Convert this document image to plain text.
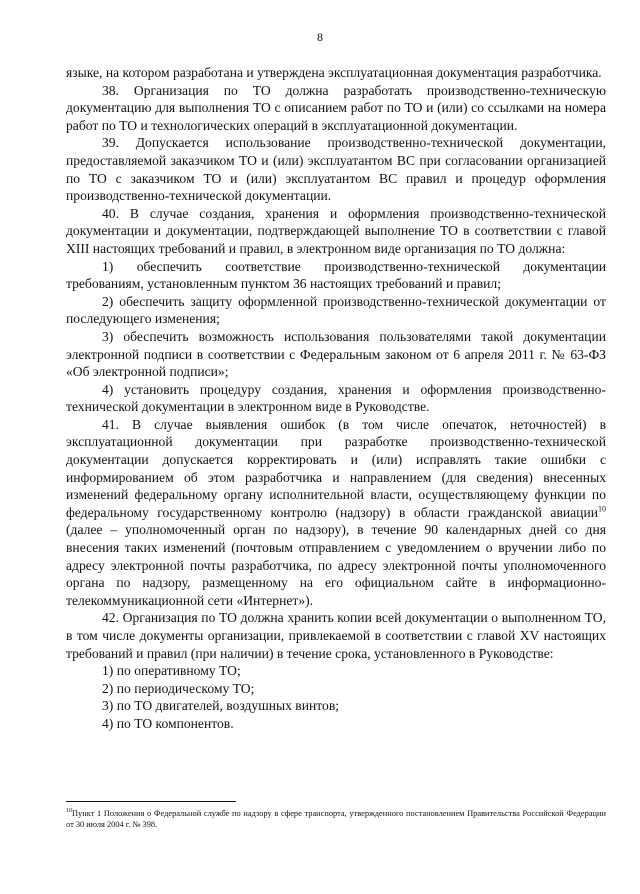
8

языке, на котором разработана и утверждена эксплуатационная документация разработчика.

38. Организация по ТО должна разработать производственно-техническую документацию для выполнения ТО с описанием работ по ТО и (или) со ссылками на номера работ по ТО и технологических операций в эксплуатационной документации.

39. Допускается использование производственно-технической документации, предоставляемой заказчиком ТО и (или) эксплуатантом ВС при согласовании организацией по ТО с заказчиком ТО и (или) эксплуатантом ВС правил и процедур оформления производственно-технической документации.

40. В случае создания, хранения и оформления производственно-технической документации и документации, подтверждающей выполнение ТО в соответствии с главой XIII настоящих требований и правил, в электронном виде организация по ТО должна:

1) обеспечить соответствие производственно-технической документации требованиям, установленным пунктом 36 настоящих требований и правил;

2) обеспечить защиту оформленной производственно-технической документации от последующего изменения;

3) обеспечить возможность использования пользователями такой документации электронной подписи в соответствии с Федеральным законом от 6 апреля 2011 г. № 63-ФЗ «Об электронной подписи»;

4) установить процедуру создания, хранения и оформления производственно-технической документации в электронном виде в Руководстве.

41. В случае выявления ошибок (в том числе опечаток, неточностей) в эксплуатационной документации при разработке производственно-технической документации допускается корректировать и (или) исправлять такие ошибки с информированием об этом разработчика и направлением (для сведения) внесенных изменений федеральному органу исполнительной власти, осуществляющему функции по федеральному государственному контролю (надзору) в области гражданской авиации$^{10}$ (далее – уполномоченный орган по надзору), в течение 90 календарных дней со дня внесения таких изменений (почтовым отправлением с уведомлением о вручении либо по адресу электронной почты разработчика, по адресу электронной почты уполномоченного органа по надзору, размещенному на его официальном сайте в информационно-телекоммуникационной сети «Интернет»).

42. Организация по ТО должна хранить копии всей документации о выполненном ТО, в том числе документы организации, привлекаемой в соответствии с главой XV настоящих требований и правил (при наличии) в течение срока, установленного в Руководстве:

1) по оперативному ТО;

2) по периодическому ТО;

3) по ТО двигателей, воздушных винтов;

4) по ТО компонентов.

$^{10}$Пункт 1 Положения о Федеральной службе по надзору в сфере транспорта, утвержденного постановлением Правительства Российской Федерации от 30 июля 2004 г. № 398.
